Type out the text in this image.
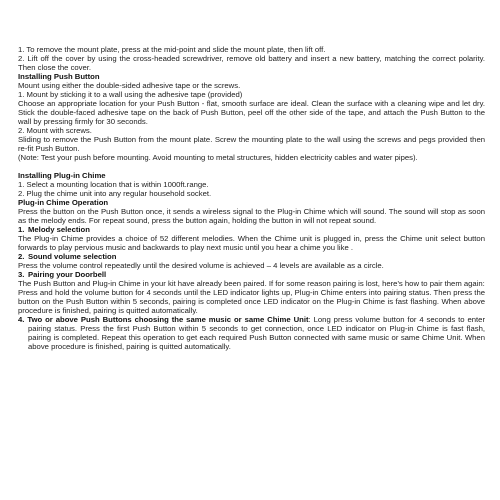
1. To remove the mount plate, press at the mid-point and slide the mount plate, then lift off.

2. Lift off the cover by using the cross-headed screwdriver, remove old battery and insert a new battery, matching the correct polarity. Then close the cover.

Installing Push Button

Mount using either the double-sided adhesive tape or the screws.

1. Mount by sticking it to a wall using the adhesive tape (provided)

Choose an appropriate location for your Push Button - flat, smooth surface are ideal. Clean the surface with a cleaning wipe and let dry. Stick the double-faced adhesive tape on the back of Push Button, peel off the other side of the tape, and attach the Push Button to the wall by pressing firmly for 30 seconds.

2. Mount with screws.

Sliding to remove the Push Button from the mount plate. Screw the mounting plate to the wall using the screws and pegs provided then re-fit Push Button.

(Note: Test your push before mounting. Avoid mounting to metal structures, hidden electricity cables and water pipes).

Installing Plug-in Chime

1. Select a mounting location that is within 1000ft.range.

2. Plug the chime unit into any regular household socket.

Plug-in Chime Operation

Press the button on the Push Button once, it sends a wireless signal to the Plug-in Chime which will sound. The sound will stop as soon as the melody ends. For repeat sound, press the button again, holding the button in will not repeat sound.

1. Melody selection

The Plug-in Chime provides a choice of 52 different melodies. When the Chime unit is plugged in, press the Chime unit select button forwards to play pervious music and backwards to play next music until you hear a chime you like .

2. Sound volume selection

Press the volume control repeatedly until the desired volume is achieved – 4 levels are available as a circle.

3. Pairing your Doorbell

The Push Button and Plug-in Chime in your kit have already been paired. If for some reason pairing is lost, here's how to pair them again:

Press and hold the volume button for 4 seconds until the LED indicator lights up, Plug-in Chime enters into pairing status. Then press the button on the Push Button within 5 seconds, pairing is completed once LED indicator on the Plug-in Chime is fast flashing. When above procedure is finished, pairing is quitted automatically.

4. Two or above Push Buttons choosing the same music or same Chime Unit: Long press volume button for 4 seconds to enter pairing status. Press the first Push Button within 5 seconds to get connection, once LED indicator on Plug-in Chime is fast flash, pairing is completed. Repeat this operation to get each required Push Button connected with same music or same Chime Unit. When above procedure is finished, pairing is quitted automatically.
